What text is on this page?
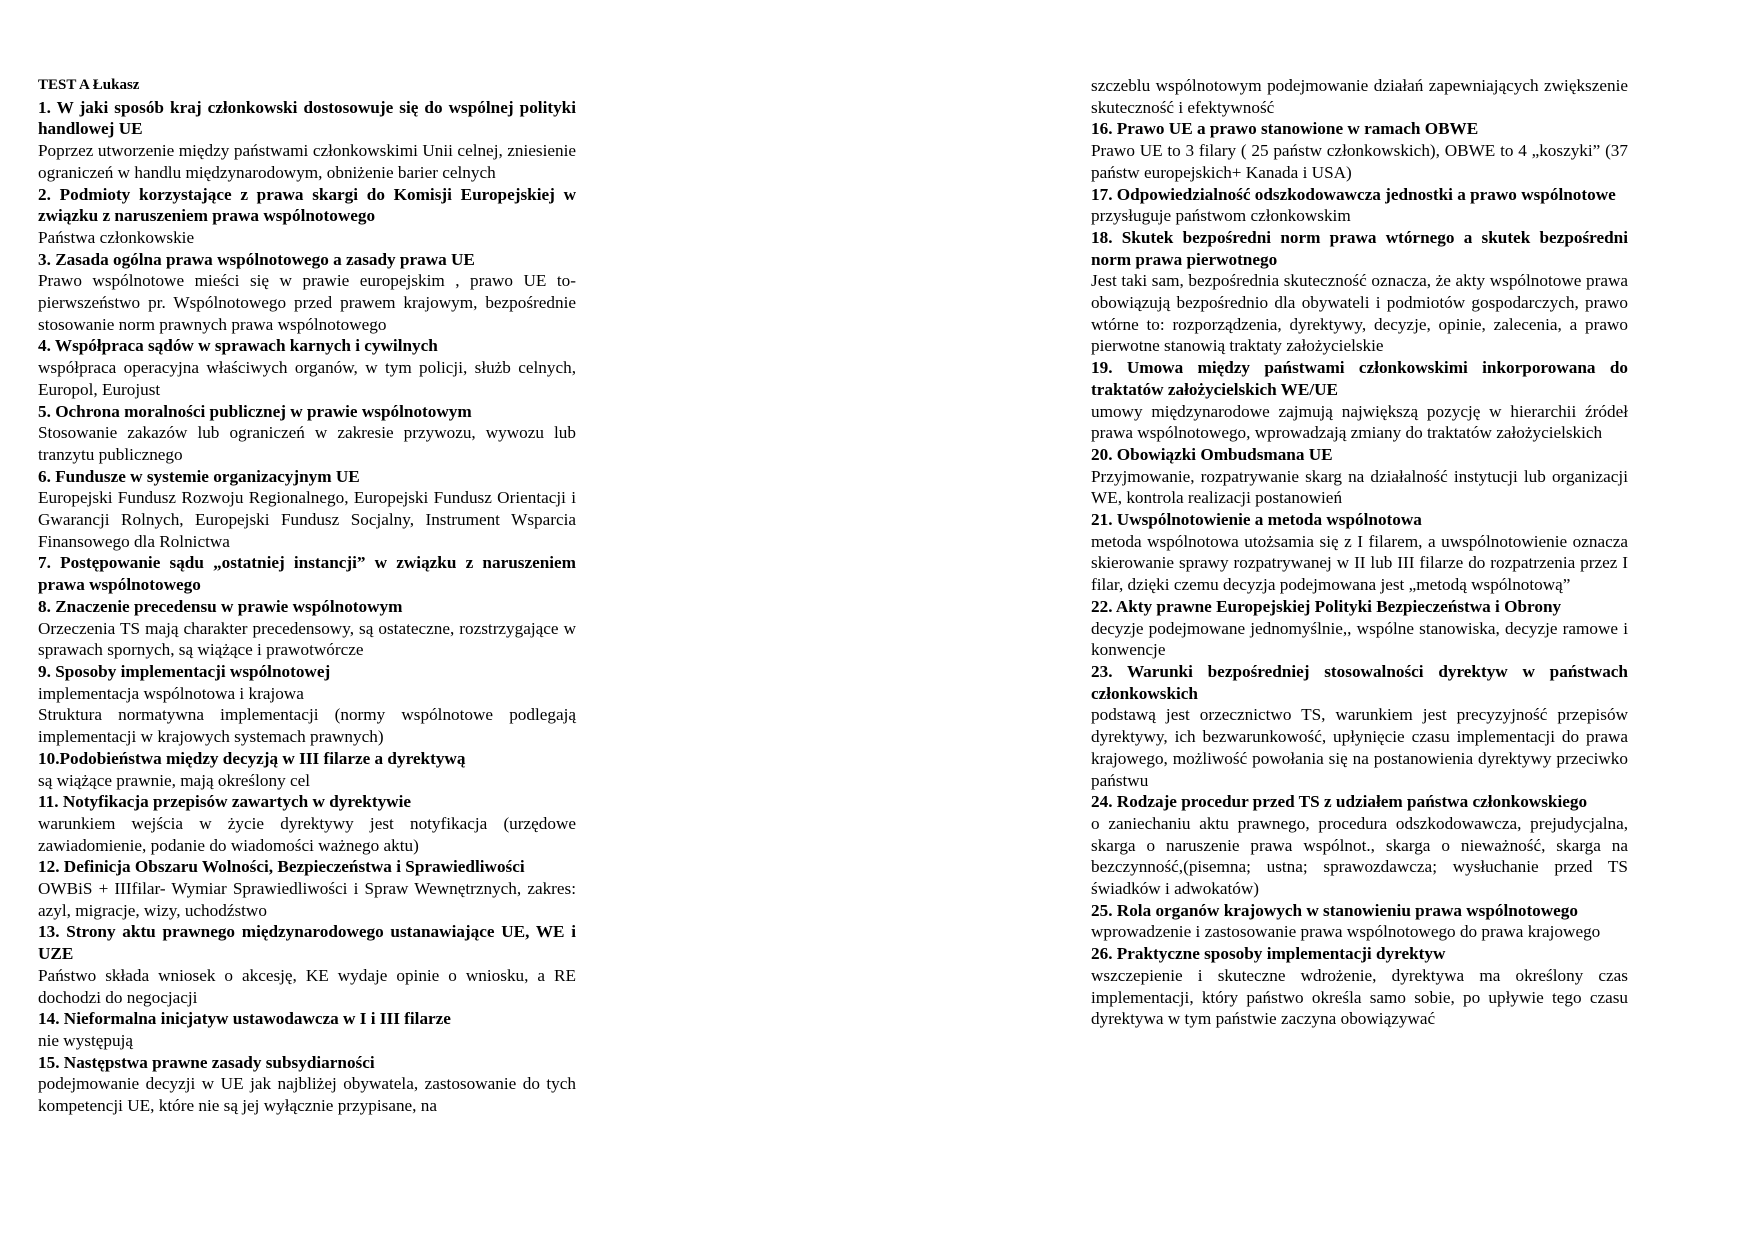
TEST A Łukasz

1. W jaki sposób kraj członkowski dostosowuje się do wspólnej polityki handlowej UE

Poprzez utworzenie między państwami członkowskimi Unii celnej, zniesienie ograniczeń w handlu międzynarodowym, obniżenie barier celnych

2. Podmioty korzystające z prawa skargi do Komisji Europejskiej w związku z naruszeniem prawa wspólnotowego

Państwa członkowskie

3. Zasada ogólna prawa wspólnotowego a zasady prawa UE

Prawo wspólnotowe mieści się w prawie europejskim , prawo UE to-pierwszeństwo pr. Wspólnotowego przed prawem krajowym, bezpośrednie stosowanie norm prawnych prawa wspólnotowego

4. Współpraca sądów w sprawach karnych i cywilnych

współpraca operacyjna właściwych organów, w tym policji, służb celnych, Europol, Eurojust

5. Ochrona moralności publicznej w prawie wspólnotowym

Stosowanie zakazów lub ograniczeń w zakresie przywozu, wywozu lub tranzytu publicznego

6. Fundusze w systemie organizacyjnym UE

Europejski Fundusz Rozwoju Regionalnego, Europejski Fundusz Orientacji i Gwarancji Rolnych, Europejski Fundusz Socjalny, Instrument Wsparcia Finansowego dla Rolnictwa

7. Postępowanie sądu „ostatniej instancji” w związku z naruszeniem prawa wspólnotowego

8. Znaczenie precedensu w prawie wspólnotowym

Orzeczenia TS mają charakter precedensowy, są ostateczne, rozstrzygające w sprawach spornych, są wiążące i prawotwórcze

9. Sposoby implementacji wspólnotowej

implementacja wspólnotowa i krajowa

Struktura normatywna implementacji (normy wspólnotowe podlegają implementacji w krajowych systemach prawnych)

10.Podobieństwa między decyzją w III filarze a dyrektywą

są wiążące prawnie, mają określony cel

11. Notyfikacja przepisów zawartych w dyrektywie

warunkiem wejścia w życie dyrektywy jest notyfikacja (urzędowe zawiadomienie, podanie do wiadomości ważnego aktu)

12. Definicja Obszaru Wolności, Bezpieczeństwa i Sprawiedliwości

OWBiS + IIIfilar- Wymiar Sprawiedliwości i Spraw Wewnętrznych, zakres: azyl, migracje, wizy, uchodźstwo

13. Strony aktu prawnego międzynarodowego ustanawiające UE, WE i UZE

Państwo składa wniosek o akcesję, KE wydaje opinie o wniosku, a RE dochodzi do negocjacji

14. Nieformalna inicjatyw ustawodawcza w I i III filarze

nie występują

15. Następstwa prawne zasady subsydiarności

podejmowanie decyzji w UE jak najbliżej obywatela, zastosowanie do tych kompetencji UE, które nie są jej wyłącznie przypisane, na

szczeblu wspólnotowym podejmowanie działań zapewniających zwiększenie skuteczność i efektywność

16. Prawo UE a prawo stanowione w ramach OBWE

Prawo UE to 3 filary ( 25 państw członkowskich), OBWE to 4 „koszyki” (37 państw europejskich+ Kanada i USA)

17. Odpowiedzialność odszkodowawcza jednostki a prawo wspólnotowe

przysługuje państwom członkowskim

18. Skutek bezpośredni norm prawa wtórnego a skutek bezpośredni norm prawa pierwotnego

Jest taki sam, bezpośrednia skuteczność oznacza, że akty wspólnotowe prawa obowiązują bezpośrednio dla obywateli i podmiotów gospodarczych, prawo wtórne to: rozporządzenia, dyrektywy, decyzje, opinie, zalecenia, a prawo pierwotne stanowią traktaty założycielskie

19. Umowa między państwami członkowskimi inkorporowana do traktatów założycielskich WE/UE

umowy międzynarodowe zajmują największą pozycję w hierarchii źródeł prawa wspólnotowego, wprowadzają zmiany do traktatów założycielskich

20. Obowiązki Ombudsmana UE

Przyjmowanie, rozpatrywanie skarg na działalność instytucji lub organizacji WE, kontrola realizacji postanowień

21. Uwspólnotowienie a metoda wspólnotowa

metoda wspólnotowa utożsamia się z I filarem, a uwspólnotowienie oznacza skierowanie sprawy rozpatrywanej w II lub III filarze do rozpatrzenia przez I filar, dzięki czemu decyzja podejmowana jest „metodą wspólnotową”

22. Akty prawne Europejskiej Polityki Bezpieczeństwa i Obrony

decyzje podejmowane jednomyślnie,, wspólne stanowiska, decyzje ramowe i konwencje

23. Warunki bezpośredniej stosowalności dyrektyw w państwach członkowskich

podstawą jest orzecznictwo TS, warunkiem jest precyzyjność przepisów dyrektywy, ich bezwarunkowość, upłynięcie czasu implementacji do prawa krajowego, możliwość powołania się na postanowienia dyrektywy przeciwko państwu

24. Rodzaje procedur przed TS z udziałem państwa członkowskiego

o zaniechaniu aktu prawnego, procedura odszkodowawcza, prejudycjalna, skarga o naruszenie prawa wspólnot., skarga o nieważność, skarga na bezczynność,(pisemna; ustna; sprawozdawcza; wysłuchanie przed TS świadków i adwokatów)

25. Rola organów krajowych w stanowieniu prawa wspólnotowego

wprowadzenie i zastosowanie prawa wspólnotowego do prawa krajowego

26. Praktyczne sposoby implementacji dyrektyw

wszczepienie i skuteczne wdrożenie, dyrektywa ma określony czas implementacji, który państwo określa samo sobie, po upływie tego czasu dyrektywa w tym państwie zaczyna obowiązywać
